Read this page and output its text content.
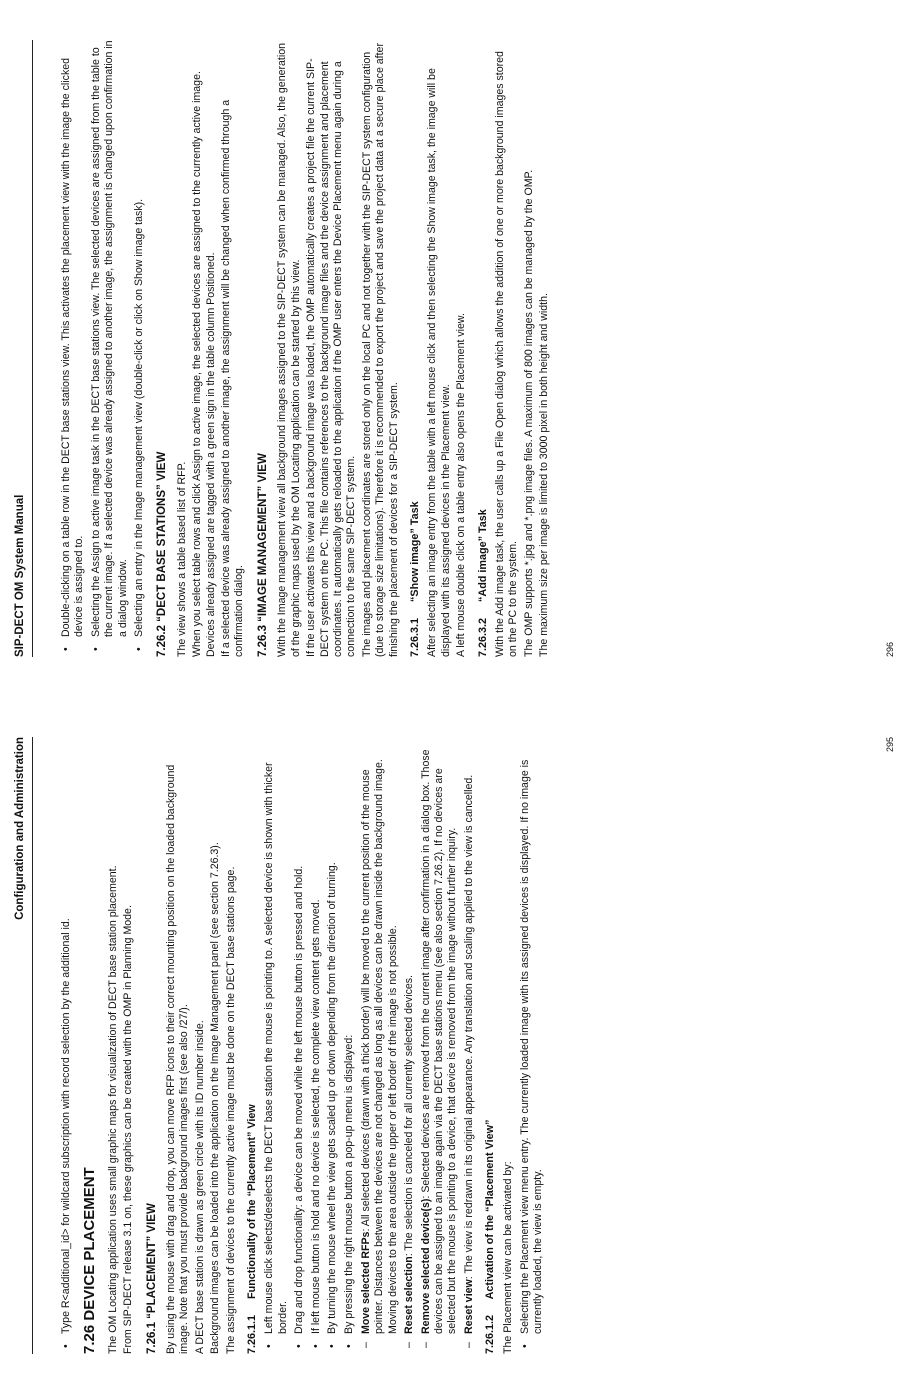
Configuration and Administration
• Type R<additional_id> for wildcard subscription with record selection by the additional id. 7.26 DEVICE PLACEMENT The OM Locating application uses small graphic maps for visualization of DECT base station placement. From SIP-DECT release 3.1 on, these graphics can be created with the OMP in Planning Mode. 7.26.1 “PLACEMENT” VIEW By using the mouse with drag and drop, you can move RFP icons to their correct mounting position on the loaded background image. Note that you must provide background images first (see also /27/). A DECT base station is drawn as green circle with its ID number inside. Background images can be loaded into the application on the Image Management panel (see section 7.26.3). The assignment of devices to the currently active image must be done on the DECT base stations page. 7.26.1.1 Functionality of the “Placement” View • Left mouse click selects/deselects the DECT base station the mouse is pointing to. A selected device is shown with thicker border. • Drag and drop functionality: a device can be moved while the left mouse button is pressed and hold. • If left mouse button is hold and no device is selected, the complete view content gets moved. • By turning the mouse wheel the view gets scaled up or down depending from the direction of turning. • By pressing the right mouse button a pop-up menu is displayed: – Move selected RFPs: All selected devices (drawn with a thick border) will be moved to the current position of the mouse pointer. Distances between the devices are not changed as long as all devices can be drawn inside the background image. Moving devices to the area outside the upper or left border of the image is not possible. – Reset selection: The selection is canceled for all currently selected devices.
– Remove selected device(s): Selected devices are removed from the current image after confirmation in a dialog box. Those devices can be assigned to an image again via the DECT base stations menu (see also section 7.26.2). If no devices are selected but the mouse is pointing to a device, that device is removed from the image without further inquiry. – Reset view: The view is redrawn in its original appearance. Any translation and scaling applied to the view is cancelled.
7.26.1.2 Activation of the “Placement View” The Placement view can be activated by: • Selecting the Placement view menu entry. The currently loaded image with its assigned devices is displayed. If no image is currently loaded, the view is empty.
295
SIP-DECT OM System Manual	• Double-clicking on a table row in the DECT base stations view. This activates the placement view with the image the clicked device is assigned to. • Selecting the Assign to active image task in the DECT base stations view. The selected devices are assigned from the table to the current image. If a selected device was already assigned to another image, the assignment is changed upon confirmation in a dialog window. • Selecting an entry in the Image management view (double-click or click on Show image task). 7.26.2 “DECT BASE STATIONS” VIEW The view shows a table based list of RFP. When you select table rows and click Assign to active image, the selected devices are assigned to the currently active image. Devices already assigned are tagged with a green sign in the table column Positioned. If a selected device was already assigned to another image, the assignment will be changed when confirmed through a confirmation dialog. 7.26.3 “IMAGE MANAGEMENT” VIEW With the Image management view all background images assigned to the SIP-DECT system can be managed. Also, the generation of the graphic maps used by the OM Locating application can be started by this view. If the user activates this view and a background image was loaded, the OMP automatically creates a project file the current SIP-DECT system on the PC. This file contains references to the background image files and the device assignment and placement coordinates. It automatically gets reloaded to the application if the OMP user enters the Device Placement menu again during a connection to the same SIP-DECT system. The images and placement coordinates are stored only on the local PC and not together with the SIP-DECT system configuration (due to storage size limitations). Therefore it is recommended to export the project and save the project data at a secure place after finishing the placement of devices for a SIP-DECT system. 7.26.3.1 “Show image” Task After selecting an image entry from the table with a left mouse click and then selecting the Show image task, the image will be displayed with its assigned devices in the Placement view. A left mouse double click on a table entry also opens the Placement view. 7.26.3.2 “Add image” Task With the Add image task, the user calls up a File Open dialog which allows the addition of one or more background images stored on the PC to the system. The OMP supports *.jpg and *.png image files. A maximum of 800 images can be managed by the OMP. The maximum size per image is limited to 3000 pixel in both height and width.	296
